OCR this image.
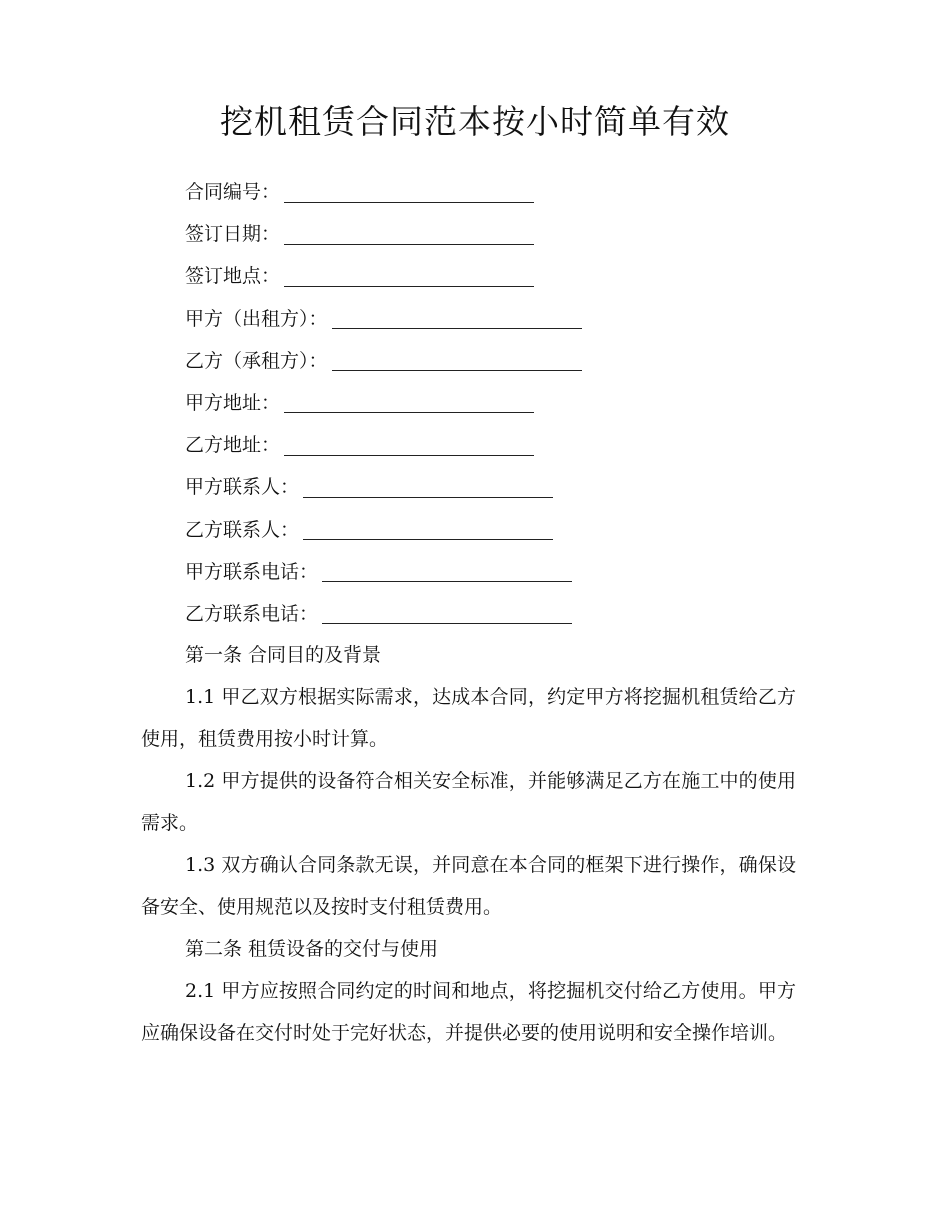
挖机租赁合同范本按小时简单有效
合同编号：
签订日期：
签订地点：
甲方（出租方）：
乙方（承租方）：
甲方地址：
乙方地址：
甲方联系人：
乙方联系人：
甲方联系电话：
乙方联系电话：
第一条 合同目的及背景

1.1 甲乙双方根据实际需求，达成本合同，约定甲方将挖掘机租赁给乙方使用，租赁费用按小时计算。

1.2 甲方提供的设备符合相关安全标准，并能够满足乙方在施工中的使用需求。

1.3 双方确认合同条款无误，并同意在本合同的框架下进行操作，确保设备安全、使用规范以及按时支付租赁费用。

第二条 租赁设备的交付与使用

2.1 甲方应按照合同约定的时间和地点，将挖掘机交付给乙方使用。甲方应确保设备在交付时处于完好状态，并提供必要的使用说明和安全操作培训。
